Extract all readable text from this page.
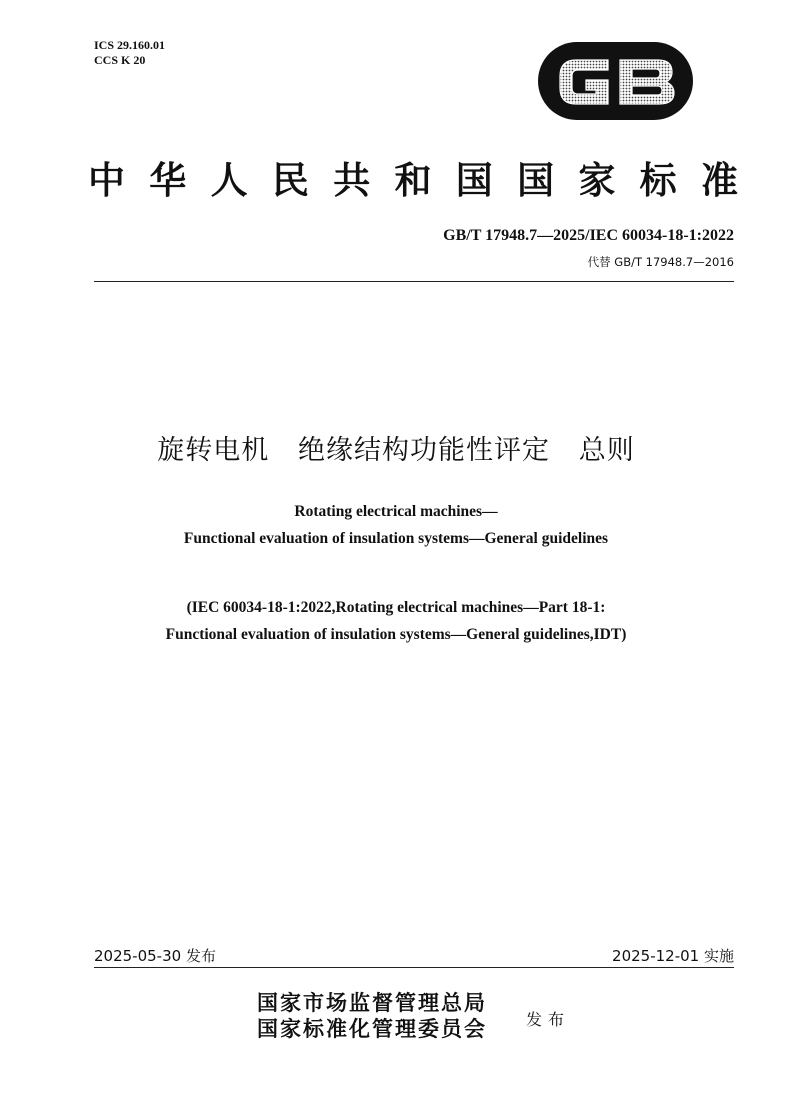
ICS 29.160.01
CCS K 20
中 华 人 民 共 和 国 国 家 标 准
GB/T 17948.7—2025/IEC 60034-18-1:2022
代替 GB/T 17948.7—2016
旋转电机   绝缘结构功能性评定   总则
Rotating electrical machines—
Functional evaluation of insulation systems—General guidelines
(IEC 60034-18-1:2022,Rotating electrical machines—Part 18-1:
Functional evaluation of insulation systems—General guidelines,IDT)
2025-05-30 发布	2025-12-01 实施
国家市场监督管理总局
国家标准化管理委员会 发布
